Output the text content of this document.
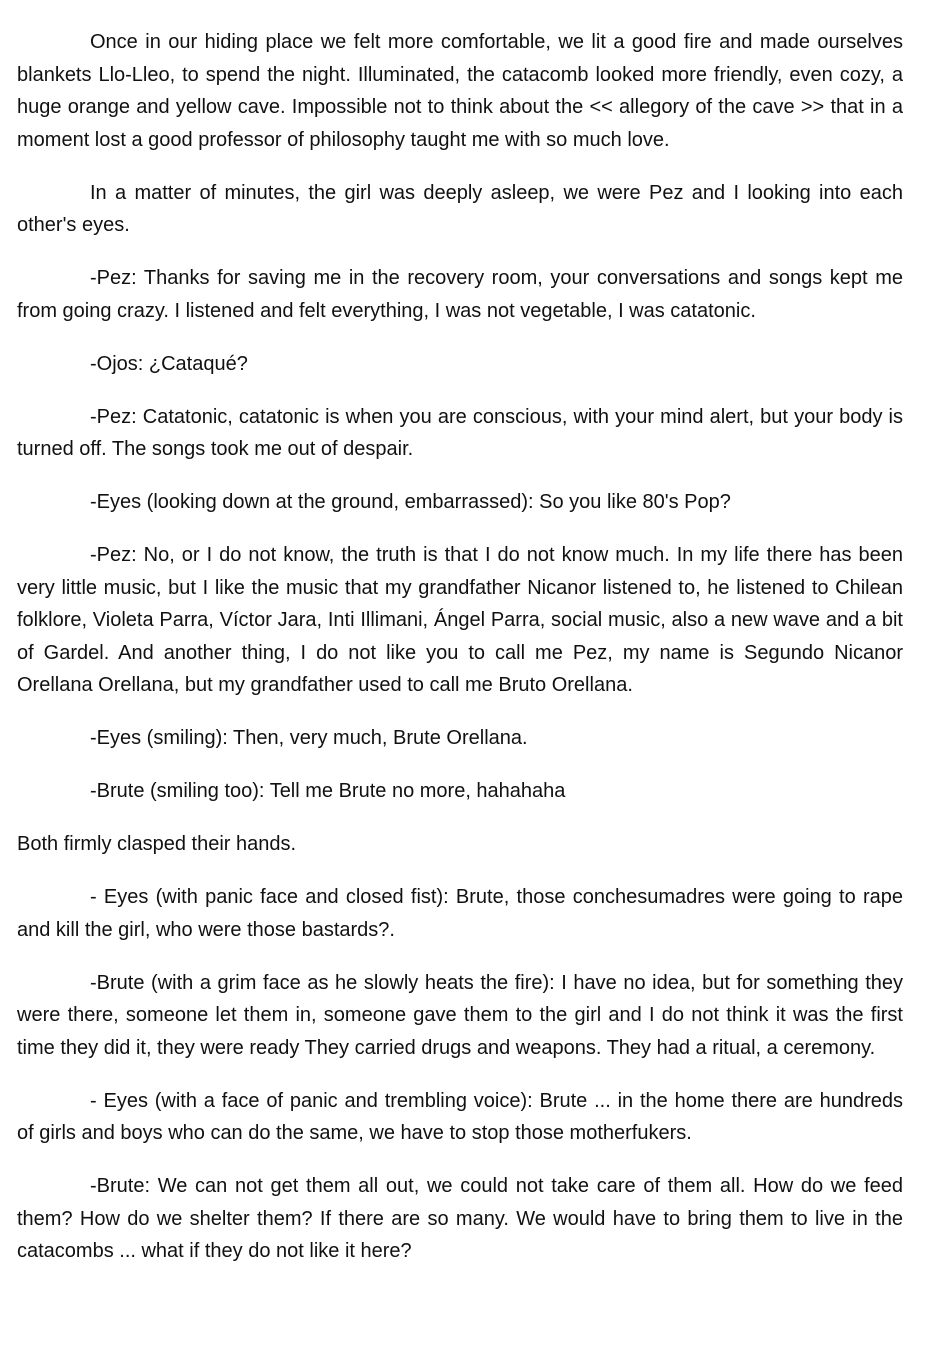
Once in our hiding place we felt more comfortable, we lit a good fire and made ourselves blankets Llo-Lleo, to spend the night. Illuminated, the catacomb looked more friendly, even cozy, a huge orange and yellow cave. Impossible not to think about the << allegory of the cave >> that in a moment lost a good professor of philosophy taught me with so much love.

In a matter of minutes, the girl was deeply asleep, we were Pez and I looking into each other's eyes.

-Pez: Thanks for saving me in the recovery room, your conversations and songs kept me from going crazy. I listened and felt everything, I was not vegetable, I was catatonic.

-Ojos: ¿Cataqué?

-Pez: Catatonic, catatonic is when you are conscious, with your mind alert, but your body is turned off. The songs took me out of despair.

-Eyes (looking down at the ground, embarrassed): So you like 80's Pop?

-Pez: No, or I do not know, the truth is that I do not know much. In my life there has been very little music, but I like the music that my grandfather Nicanor listened to, he listened to Chilean folklore, Violeta Parra, Víctor Jara, Inti Illimani, Ángel Parra, social music, also a new wave and a bit of Gardel. And another thing, I do not like you to call me Pez, my name is Segundo Nicanor Orellana Orellana, but my grandfather used to call me Bruto Orellana.

-Eyes (smiling): Then, very much, Brute Orellana.

-Brute (smiling too): Tell me Brute no more, hahahaha

Both firmly clasped their hands.

- Eyes (with panic face and closed fist): Brute, those conchesumadres were going to rape and kill the girl, who were those bastards?.

-Brute (with a grim face as he slowly heats the fire): I have no idea, but for something they were there, someone let them in, someone gave them to the girl and I do not think it was the first time they did it, they were ready They carried drugs and weapons. They had a ritual, a ceremony.

- Eyes (with a face of panic and trembling voice): Brute ... in the home there are hundreds of girls and boys who can do the same, we have to stop those motherfukers.

-Brute: We can not get them all out, we could not take care of them all. How do we feed them? How do we shelter them? If there are so many. We would have to bring them to live in the catacombs ... what if they do not like it here?
